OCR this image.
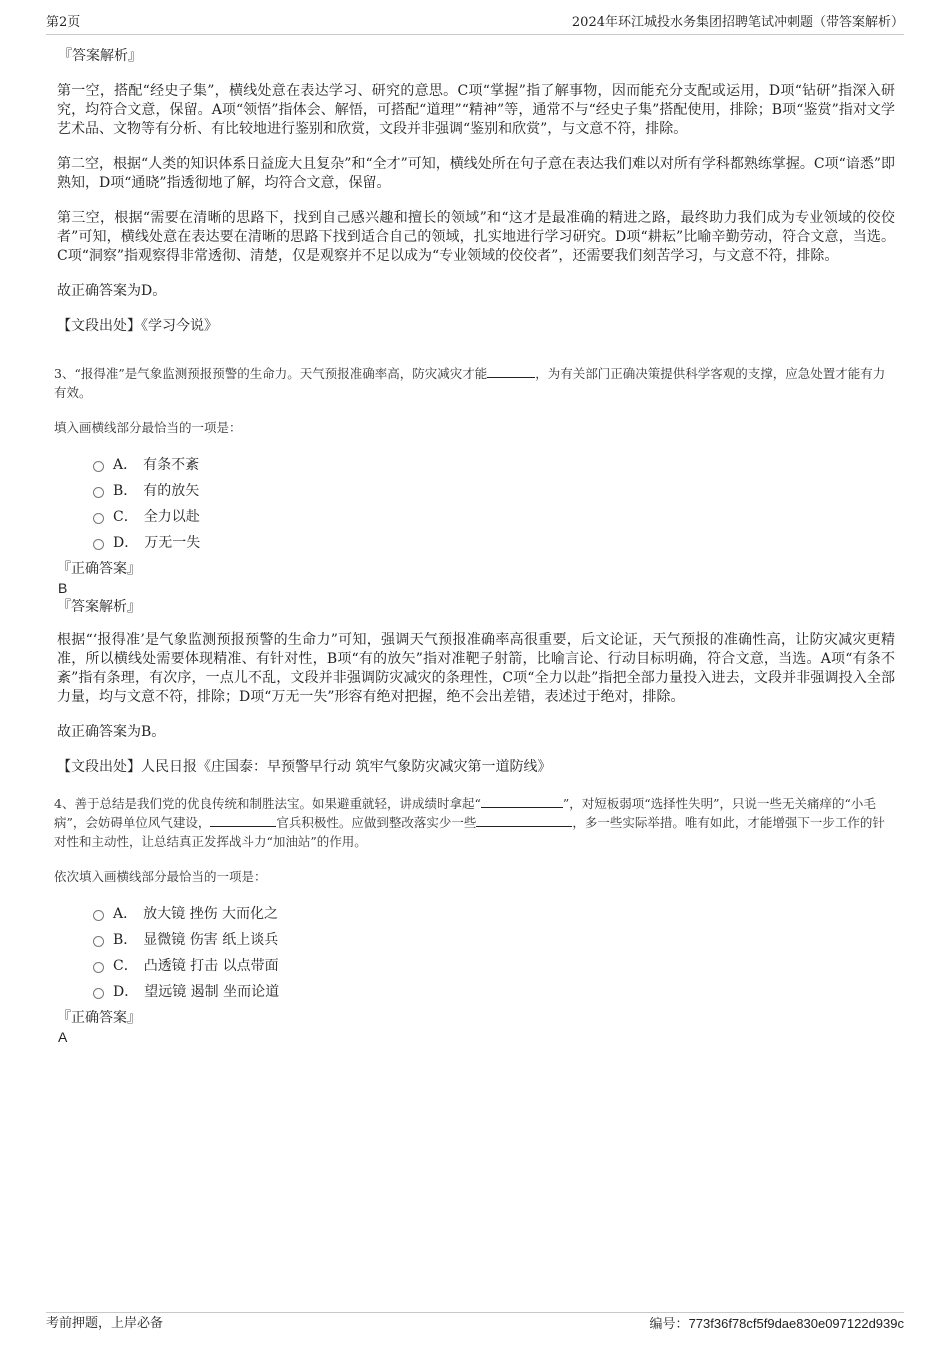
第2页	2024年环江城投水务集团招聘笔试冲刺题（带答案解析）
『答案解析』

第一空，搭配“经史子集”，横线处意在表达学习、研究的意思。C项“掌握”指了解事物，因而能充分支配或运用，D项“钻研”指深入研究，均符合文意，保留。A项“领悟”指体会、解悟，可搭配“道理”“精神”等，通常不与“经史子集”搭配使用，排除；B项“鉴赏”指对文学艺术品、文物等有分析、有比较地进行鉴别和欣赏，文段并非强调“鉴别和欣赏”，与文意不符，排除。

第二空，根据“人类的知识体系日益庞大且复杂”和“全才”可知，横线处所在句子意在表达我们难以对所有学科都熟练掌握。C项“谙悉”即熟知，D项“通晓”指透彻地了解，均符合文意，保留。

第三空，根据“需要在清晰的思路下，找到自己感兴趣和擅长的领域”和“这才是最准确的精进之路，最终助力我们成为专业领域的佼佼者”可知，横线处意在表达要在清晰的思路下找到适合自己的领域，扎实地进行学习研究。D项“耕耘”比喻辛勤劳动，符合文意，当选。C项“洞察”指观察得非常透彻、清楚，仅是观察并不足以成为“专业领域的佼佼者”，还需要我们刻苦学习，与文意不符，排除。

故正确答案为D。

【文段出处】《学习今说》

3、“报得准”是气象监测预报预警的生命力。天气预报准确率高，防灾减灾才能	，为有关部门正确决策提供科学客观的支撑，应急处置才能有力有效。

填入画横线部分最恰当的一项是：

A． 有条不紊
B． 有的放矢
C． 全力以赴
D． 万无一失
『正确答案』
B
『答案解析』

根据“‘报得准’是气象监测预报预警的生命力”可知，强调天气预报准确率高很重要，后文论证，天气预报的准确性高，让防灾减灾更精准，所以横线处需要体现精准、有针对性，B项“有的放矢”指对准靶子射箭，比喻言论、行动目标明确，符合文意，当选。A项“有条不紊”指有条理，有次序，一点儿不乱，文段并非强调防灾减灾的条理性，C项“全力以赴”指把全部力量投入进去，文段并非强调投入全部力量，均与文意不符，排除；D项“万无一失”形容有绝对把握，绝不会出差错，表述过于绝对，排除。

故正确答案为B。

【文段出处】人民日报《庄国泰：早预警早行动 筑牢气象防灾减灾第一道防线》

4、善于总结是我们党的优良传统和制胜法宝。如果避重就轻，讲成绩时拿起“	”，对短板弱项“选择性失明”，只说一些无关痛痒的“小毛病”，会妨碍单位风气建设，	官兵积极性。应做到整改落实少一些	，多一些实际举措。唯有如此，才能增强下一步工作的针对性和主动性，让总结真正发挥战斗力“加油站”的作用。

依次填入画横线部分最恰当的一项是：

A． 放大镜 挫伤 大而化之
B． 显微镜 伤害 纸上谈兵
C． 凸透镜 打击 以点带面
D． 望远镜 遏制 坐而论道
『正确答案』
A
考前押题，上岸必备	编号：773f36f78cf5f9dae830e097122d939c
